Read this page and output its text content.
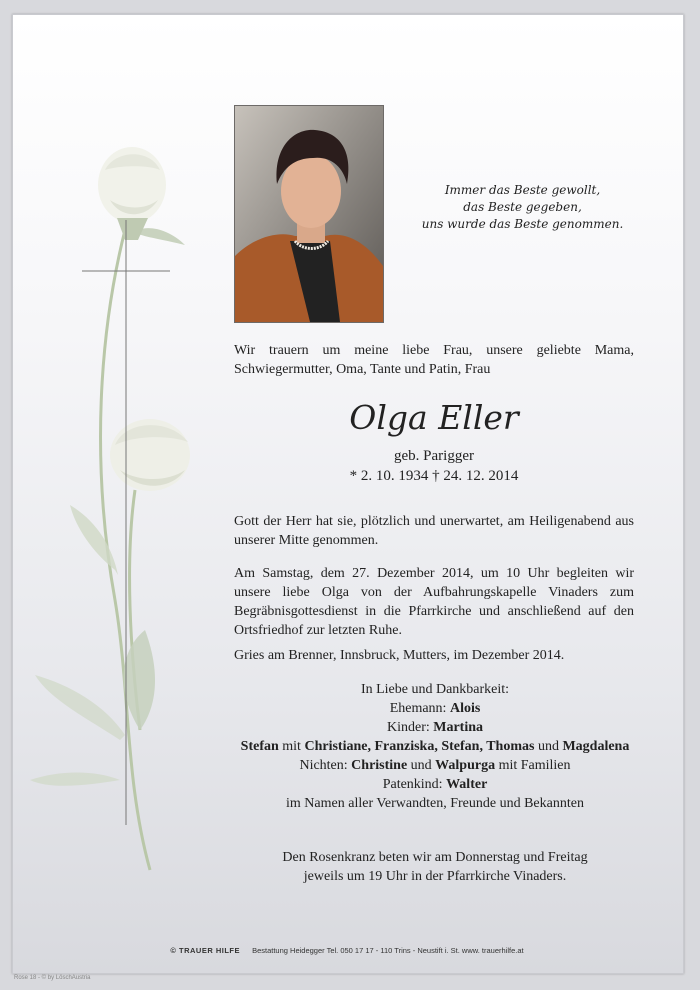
Immer das Beste gewollt,
das Beste gegeben,
uns wurde das Beste genommen.
Wir trauern um meine liebe Frau, unsere geliebte Mama, Schwiegermutter, Oma, Tante und Patin, Frau
Olga Eller
geb. Parigger
* 2. 10. 1934 † 24. 12. 2014
Gott der Herr hat sie, plötzlich und unerwartet, am Heiligenabend aus unserer Mitte genommen.
Am Samstag, dem 27. Dezember 2014, um 10 Uhr begleiten wir unsere liebe Olga von der Aufbahrungskapelle Vinaders zum Begräbnisgottesdienst in die Pfarrkirche und anschließend auf den Ortsfriedhof zur letzten Ruhe.
Gries am Brenner, Innsbruck, Mutters, im Dezember 2014.
In Liebe und Dankbarkeit:
Ehemann: Alois
Kinder: Martina
Stefan mit Christiane, Franziska, Stefan, Thomas und Magdalena
Nichten: Christine und Walpurga mit Familien
Patenkind: Walter
im Namen aller Verwandten, Freunde und Bekannten
Den Rosenkranz beten wir am Donnerstag und Freitag
jeweils um 19 Uhr in der Pfarrkirche Vinaders.
© TRAUER HILFE Bestattung Heidegger Tel. 050 17 17 - 110 Trins - Neustift i. St. www. trauerhilfe.at
Rose 18 - © by LöschAustria
